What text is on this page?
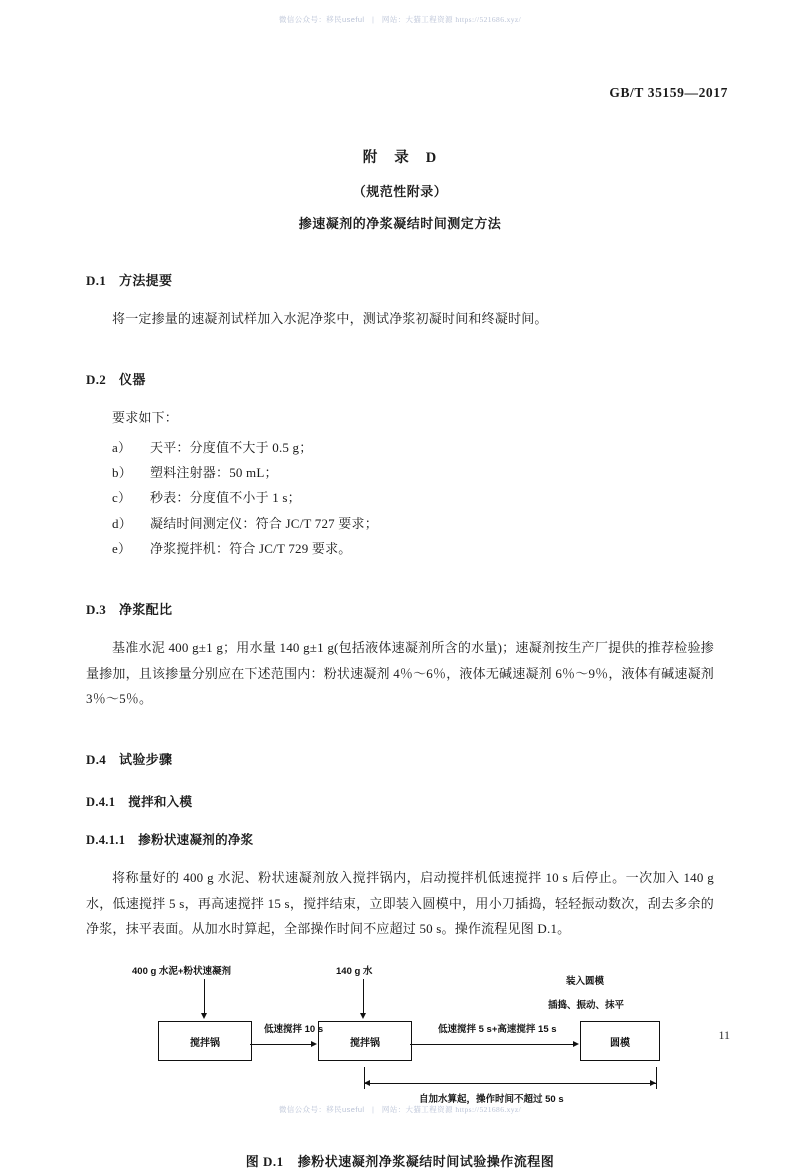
微信公众号：移民useful | 网站：大猫工程资源 https://521686.xyz/
GB/T 35159—2017
附 录 D
（规范性附录）
掺速凝剂的净浆凝结时间测定方法
D.1 方法提要

将一定掺量的速凝剂试样加入水泥净浆中，测试净浆初凝时间和终凝时间。

D.2 仪器

要求如下：

a）	天平：分度值不大于 0.5 g；
b）	塑料注射器：50 mL；
c）	秒表：分度值不小于 1 s；
d）	凝结时间测定仪：符合 JC/T 727 要求；
e）	净浆搅拌机：符合 JC/T 729 要求。
D.3 净浆配比

基准水泥 400 g±1 g；用水量 140 g±1 g(包括液体速凝剂所含的水量)；速凝剂按生产厂提供的推荐检验掺量掺加，且该掺量分别应在下述范围内：粉状速凝剂 4％～6％，液体无碱速凝剂 6％～9％，液体有碱速凝剂 3％～5％。

D.4 试验步骤
D.4.1 搅拌和入模
D.4.1.1 掺粉状速凝剂的净浆

将称量好的 400 g 水泥、粉状速凝剂放入搅拌锅内，启动搅拌机低速搅拌 10 s 后停止。一次加入 140 g 水，低速搅拌 5 s，再高速搅拌 15 s，搅拌结束，立即装入圆模中，用小刀插捣，轻轻振动数次，刮去多余的净浆，抹平表面。从加水时算起，全部操作时间不应超过 50 s。操作流程见图 D.1。

400 g 水泥+粉状速凝剂	140 g 水
装入圆模
插捣、振动、抹平
搅拌锅	搅拌锅	圆模
低速搅拌 10 s	低速搅拌 5 s+高速搅拌 15 s
自加水算起，操作时间不超过 50 s
图 D.1 掺粉状速凝剂净浆凝结时间试验操作流程图
11
微信公众号：移民useful | 网站：大猫工程资源 https://521686.xyz/
